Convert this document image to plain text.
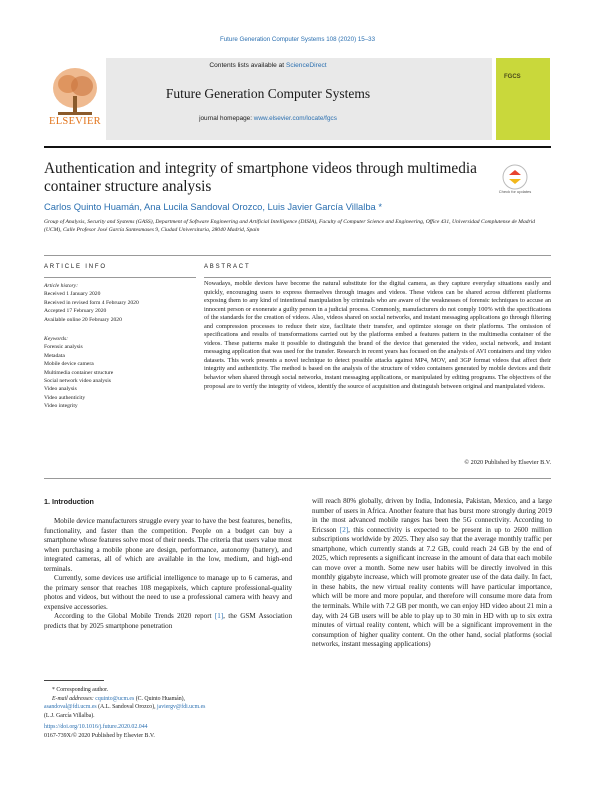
Future Generation Computer Systems 108 (2020) 15–33
Contents lists available at ScienceDirect
Future Generation Computer Systems
journal homepage: www.elsevier.com/locate/fgcs
ELSEVIER
FGCS
Authentication and integrity of smartphone videos through multimedia container structure analysis	Check for updates
Carlos Quinto Huamán, Ana Lucila Sandoval Orozco, Luis Javier García Villalba *
Group of Analysis, Security and Systems (GASS), Department of Software Engineering and Artificial Intelligence (DISIA), Faculty of Computer Science and Engineering, Office 431, Universidad Complutense de Madrid (UCM), Calle Profesor José García Santesmases 9, Ciudad Universitaria, 28040 Madrid, Spain
ARTICLE INFO	ABSTRACT
Article history:
Received 1 January 2020
Received in revised form 4 February 2020
Accepted 17 February 2020
Available online 20 February 2020
Keywords:
Forensic analysis
Metadata
Mobile device camera
Multimedia container structure
Social network video analysis
Video analysis
Video authenticity
Video integrity
Nowadays, mobile devices have become the natural substitute for the digital camera, as they capture everyday situations easily and quickly, encouraging users to express themselves through images and videos. These videos can be shared across different platforms exposing them to any kind of intentional manipulation by criminals who are aware of the weaknesses of forensic techniques to accuse an innocent person or exonerate a guilty person in a judicial process. Commonly, manufacturers do not comply 100% with the specifications of the standards for the creation of videos. Also, videos shared on social networks, and instant messaging applications go through filtering and compression processes to reduce their size, facilitate their transfer, and optimize storage on their platforms. The omission of specifications and results of transformations carried out by the platforms embed a features pattern in the multimedia container of the videos. These patterns make it possible to distinguish the brand of the device that generated the video, social network, and instant messaging application that was used for the transfer. Research in recent years has focused on the analysis of AVI containers and tiny video datasets. This work presents a novel technique to detect possible attacks against MP4, MOV, and 3GP format videos that affect their integrity and authenticity. The method is based on the analysis of the structure of video containers generated by mobile devices and their behavior when shared through social networks, instant messaging applications, or manipulated by editing programs. The objectives of the proposal are to verify the integrity of videos, identify the source of acquisition and distinguish between original and manipulated videos.
© 2020 Published by Elsevier B.V.
1. Introduction

Mobile device manufacturers struggle every year to have the best features, benefits, functionality, and faster than the competition. People on a budget can buy a smartphone whose features solve most of their needs. The criteria that users value most when purchasing a mobile phone are design, performance, autonomy (battery), and integrated cameras, all of which are available in the low, medium, and high-end terminals.

Currently, some devices use artificial intelligence to manage up to 6 cameras, and the primary sensor that reaches 108 megapixels, which capture professional-quality photos and videos, but without the need to use a professional camera with heavy and expensive accessories.

According to the Global Mobile Trends 2020 report [1], the GSM Association predicts that by 2025 smartphone penetration

will reach 80% globally, driven by India, Indonesia, Pakistan, Mexico, and a large number of users in Africa. Another feature that has burst more strongly during 2019 in the most advanced mobile ranges has been the 5G connectivity. According to Ericsson [2], this connectivity is expected to be present in up to 2600 million subscriptions worldwide by 2025. They also say that the average monthly traffic per smartphone, which currently stands at 7.2 GB, could reach 24 GB by the end of 2025, which represents a significant increase in the amount of data that each mobile can move over a month. Some new user habits will be directly involved in this monthly gigabyte increase, which will promote greater use of the data daily. In fact, in these habits, the new virtual reality contents will have particular importance, which will be more and more popular, and therefore will consume more data from the terminals. While with 7.2 GB per month, we can enjoy HD video about 21 min a day, with 24 GB users will be able to play up to 30 min in HD with up to six extra minutes of virtual reality content, which will be a significant improvement in the consumption of higher quality content. On the other hand, social platforms (social networks, instant messaging applications)

* Corresponding author.
E-mail addresses: cquinto@ucm.es (C. Quinto Huamán),
asandoval@fdi.ucm.es (A.L. Sandoval Orozco), javiergv@fdi.ucm.es
(L.J. García Villalba).
https://doi.org/10.1016/j.future.2020.02.044
0167-739X/© 2020 Published by Elsevier B.V.
